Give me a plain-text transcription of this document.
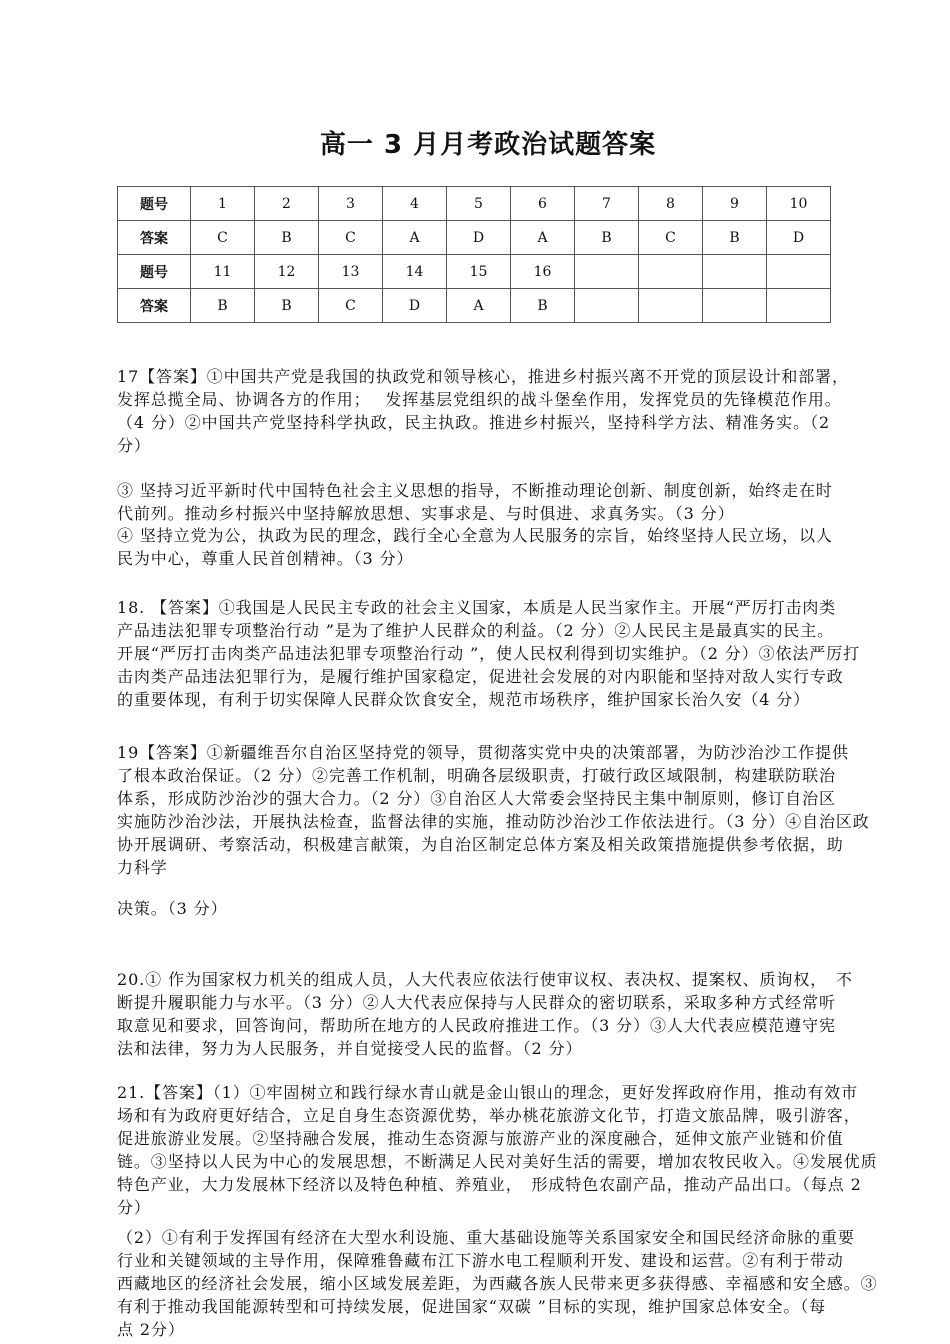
高一 3 月月考政治试题答案
题号	1	2	3	4	5	6	7	8	9	10
答案	C	B	C	A	D	A	B	C	B	D
题号	11	12	13	14	15	16				
答案	B	B	C	D	A	B				
17【答案】①中国共产党是我国的执政党和领导核心，推进乡村振兴离不开党的顶层设计和部署，
发挥总揽全局、协调各方的作用；　 发挥基层党组织的战斗堡垒作用，发挥党员的先锋模范作用。
（4 分）②中国共产党坚持科学执政，民主执政。推进乡村振兴，坚持科学方法、精准务实。（2
分）
③ 坚持习近平新时代中国特色社会主义思想的指导，不断推动理论创新、制度创新，始终走在时
代前列。推动乡村振兴中坚持解放思想、实事求是、与时俱进、求真务实。（3 分）
④ 坚持立党为公，执政为民的理念，践行全心全意为人民服务的宗旨，始终坚持人民立场，以人
民为中心，尊重人民首创精神。（3 分）
18. 【答案】①我国是人民民主专政的社会主义国家，本质是人民当家作主。开展“严厉打击肉类
产品违法犯罪专项整治行动 ”是为了维护人民群众的利益。（2 分）②人民民主是最真实的民主。
开展“严厉打击肉类产品违法犯罪专项整治行动 ”，使人民权利得到切实维护。（2 分）③依法严厉打
击肉类产品违法犯罪行为，是履行维护国家稳定，促进社会发展的对内职能和坚持对敌人实行专政
的重要体现，有利于切实保障人民群众饮食安全，规范市场秩序，维护国家长治久安（4 分）
19【答案】①新疆维吾尔自治区坚持党的领导，贯彻落实党中央的决策部署，为防沙治沙工作提供
了根本政治保证。（2 分）②完善工作机制，明确各层级职责，打破行政区域限制，构建联防联治
体系，形成防沙治沙的强大合力。（2 分）③自治区人大常委会坚持民主集中制原则，修订自治区
实施防沙治沙法，开展执法检查，监督法律的实施，推动防沙治沙工作依法进行。（3 分）④自治区政
协开展调研、考察活动，积极建言献策，为自治区制定总体方案及相关政策措施提供参考依据，助
力科学
决策。（3 分）
20.① 作为国家权力机关的组成人员，人大代表应依法行使审议权、表决权、提案权、质询权，　不
断提升履职能力与水平。（3 分）②人大代表应保持与人民群众的密切联系，采取多种方式经常听
取意见和要求，回答询问，帮助所在地方的人民政府推进工作。（3 分）③人大代表应模范遵守宪
法和法律，努力为人民服务，并自觉接受人民的监督。（2 分）
21.【答案】（1）①牢固树立和践行绿水青山就是金山银山的理念，更好发挥政府作用，推动有效市
场和有为政府更好结合，立足自身生态资源优势，举办桃花旅游文化节，打造文旅品牌，吸引游客，
促进旅游业发展。②坚持融合发展，推动生态资源与旅游产业的深度融合，延伸文旅产业链和价值
链。③坚持以人民为中心的发展思想，不断满足人民对美好生活的需要，增加农牧民收入。④发展优质
特色产业，大力发展林下经济以及特色种植、养殖业，　形成特色农副产品，推动产品出口。（每点 2
分）
（2）①有利于发挥国有经济在大型水利设施、重大基础设施等关系国家安全和国民经济命脉的重要
行业和关键领域的主导作用，保障雅鲁藏布江下游水电工程顺利开发、建设和运营。②有利于带动
西藏地区的经济社会发展，缩小区域发展差距，为西藏各族人民带来更多获得感、幸福感和安全感。③
有利于推动我国能源转型和可持续发展，促进国家“双碳 ”目标的实现，维护国家总体安全。（每
点 2分）
